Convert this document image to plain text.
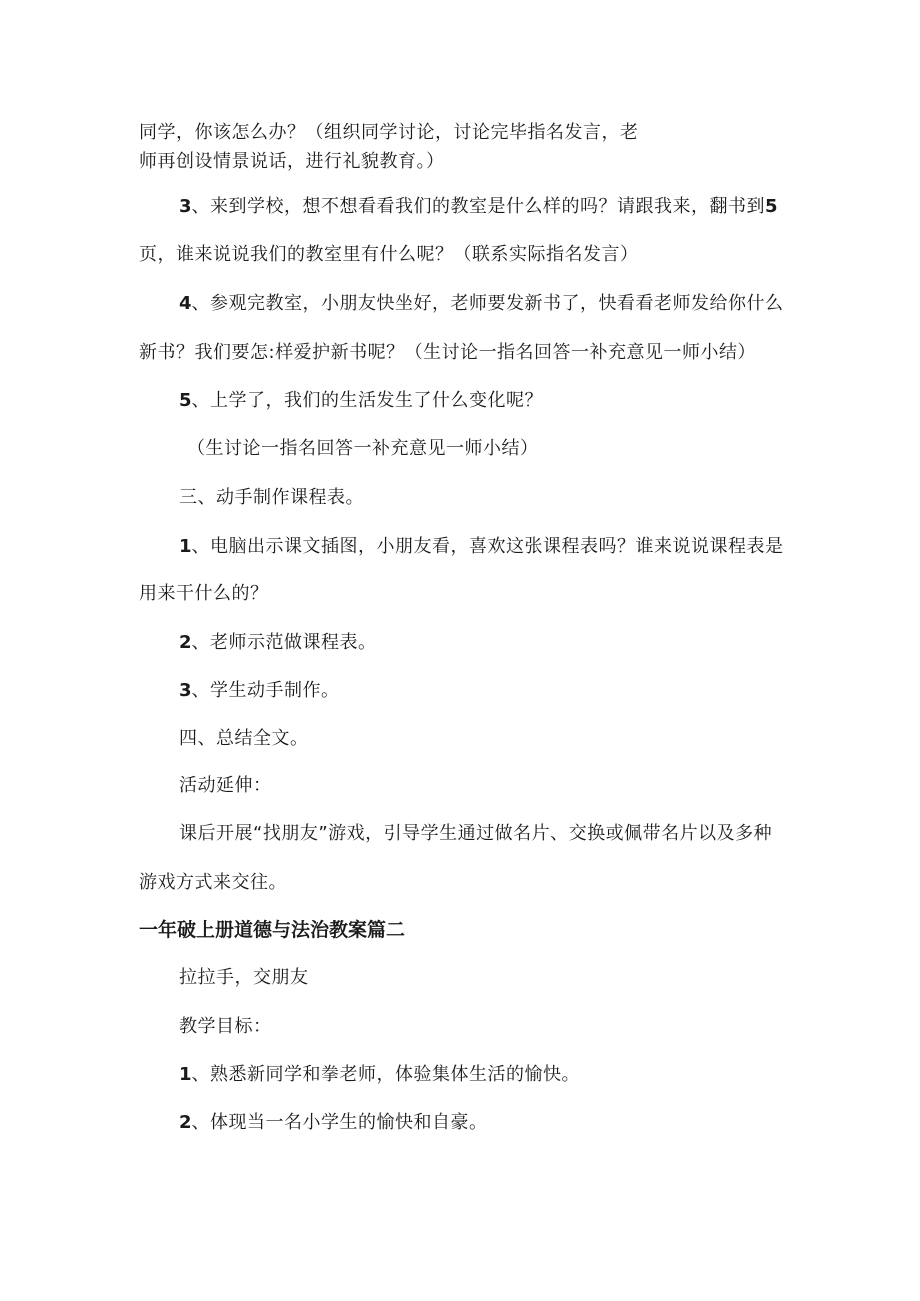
同学，你该怎么办？（组织同学讨论，讨论完毕指名发言，老
师再创设情景说话，进行礼貌教育。）
3、来到学校，想不想看看我们的教室是什么样的吗？请跟我来，翻书到5
页，谁来说说我们的教室里有什么呢？（联系实际指名发言）
4、参观完教室，小朋友快坐好，老师要发新书了，快看看老师发给你什么
新书？我们要怎:样爱护新书呢？（生讨论一指名回答一补充意见一师小结）
5、上学了，我们的生活发生了什么变化呢？
（生讨论一指名回答一补充意见一师小结）
三、动手制作课程表。
1、电脑出示课文插图，小朋友看，喜欢这张课程表吗？谁来说说课程表是
用来干什么的？
2、老师示范做课程表。
3、学生动手制作。
四、总结全文。
活动延伸：
课后开展“找朋友”游戏，引导学生通过做名片、交换或佩带名片以及多种
游戏方式来交往。
一年破上册道德与法治教案篇二
拉拉手，交朋友
教学目标：
1、熟悉新同学和拳老师，体验集体生活的愉快。
2、体现当一名小学生的愉快和自豪。
